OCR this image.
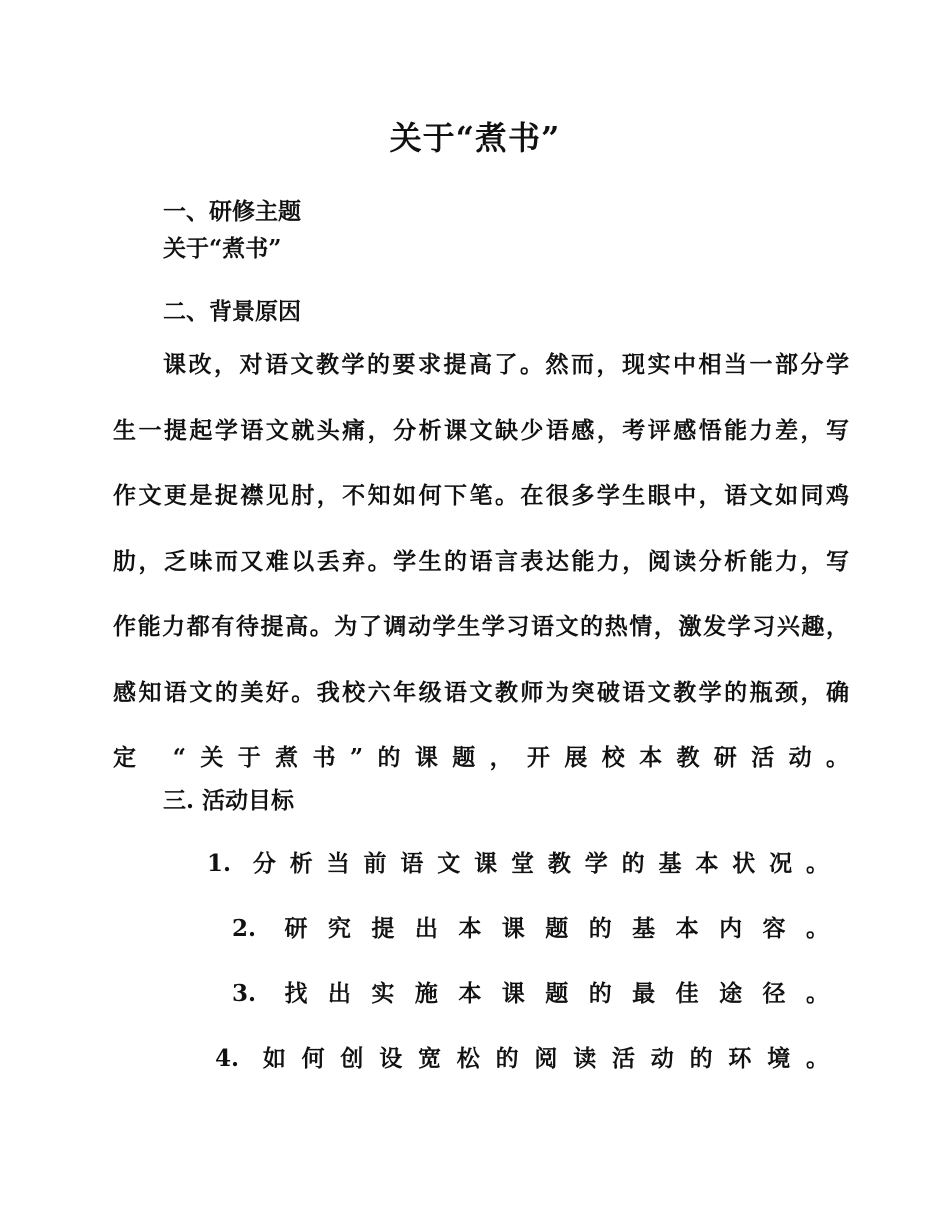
关于“煮书”
一、研修主题
关于“煮书”
二、背景原因
课改，对语文教学的要求提高了。然而，现实中相当一部分学
生一提起学语文就头痛，分析课文缺少语感，考评感悟能力差，写
作文更是捉襟见肘，不知如何下笔。在很多学生眼中，语文如同鸡
肋，乏味而又难以丢弃。学生的语言表达能力，阅读分析能力，写
作能力都有待提高。为了调动学生学习语文的热情，激发学习兴趣，
感知语文的美好。我校六年级语文教师为突破语文教学的瓶颈，确
定 “关于煮书”的课题，开展校本教研活动。
三. 活动目标
1. 分析当前语文课堂教学的基本状况。
2. 研究提出本课题的基本内容。
3. 找出实施本课题的最佳途径。
4. 如何创设宽松的阅读活动的环境。
